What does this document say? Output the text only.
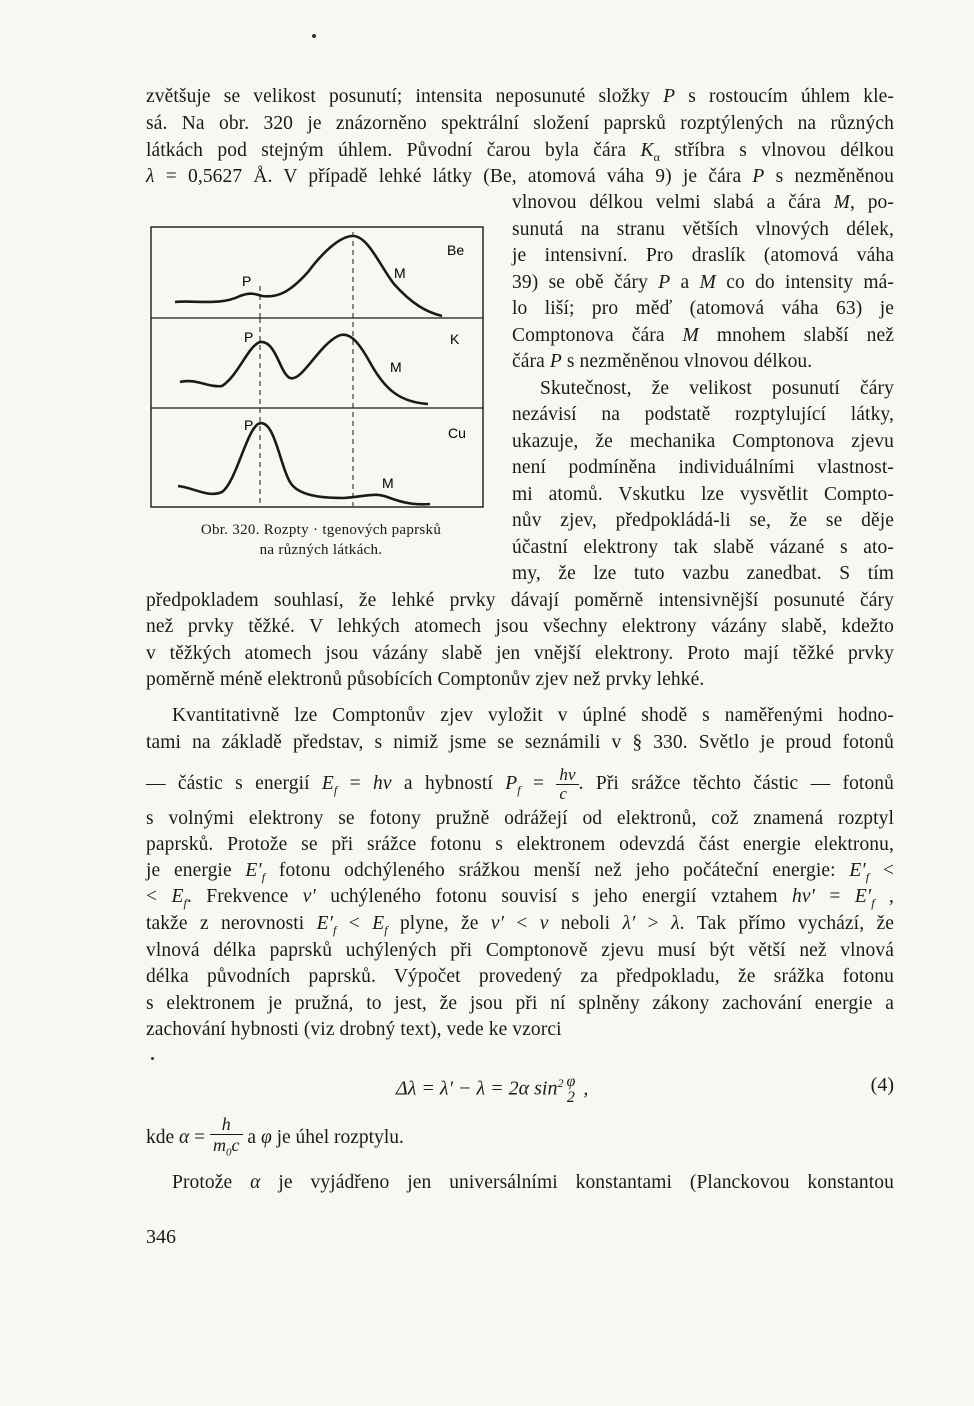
zvětšuje se velikost posunutí; intensita neposunuté složky P s rostoucím úhlem kle-
sá. Na obr. 320 je znázorněno spektrální složení paprsků rozptýlených na různých
látkách pod stejným úhlem. Původní čarou byla čára $K_\alpha$ stříbra s vlnovou délkou
λ = 0,5627 Å. V případě lehké látky (Be, atomová váha 9) je čára P s nezměněnou
vlnovou délkou velmi slabá a čára M, po-
sunutá na stranu větších vlnových délek,
je intensivní. Pro draslík (atomová váha
39) se obě čáry P a M co do intensity má-
lo liší; pro měď (atomová váha 63) je
Comptonova čára M mnohem slabší než
čára P s nezměněnou vlnovou délkou.
Skutečnost, že velikost posunutí čáry
nezávisí na podstatě rozptylující látky,
ukazuje, že mechanika Comptonova zjevu
není podmíněna individuálními vlastnost-
mi atomů. Vskutku lze vysvětlit Compto-
nův zjev, předpokládá-li se, že se děje
účastní elektrony tak slabě vázané s ato-
my, že lze tuto vazbu zanedbat. S tím
předpokladem souhlasí, že lehké prvky dávají poměrně intensivnější posunuté čáry
než prvky těžké. V lehkých atomech jsou všechny elektrony vázány slabě, kdežto
v těžkých atomech jsou vázány slabě jen vnější elektrony. Proto mají těžké prvky
poměrně méně elektronů působících Comptonův zjev než prvky lehké.
P	M
Be
P
M
K
P
M
Cu
Obr. 320. Rozpty · tgenových paprsků
na různých látkách.
Kvantitativně lze Comptonův zjev vyložit v úplné shodě s naměřenými hodno-
tami na základě představ, s nimiž jsme se seznámili v § 330. Světlo je proud fotonů
— částic s energií $E_f = h\nu$ a hybností $P_f = \frac{h\nu}{c}$ . Při srážce těchto částic — fotonů
s volnými elektrony se fotony pružně odrážejí od elektronů, což znamená rozptyl
paprsků. Protože se při srážce fotonu s elektronem odevzdá část energie elektronu,
je energie $E'_f$ fotonu odchýleného srážkou menší než jeho počáteční energie: $E'_f$ <
< $E_f$. Frekvence ν′ uchýleného fotonu souvisí s jeho energií vztahem $h\nu' = E'_f$ ,
takže z nerovnosti $E'_f < E_f$ plyne, že ν′ < ν neboli λ′ > λ. Tak přímo vychází, že
vlnová délka paprsků uchýlených při Comptonově zjevu musí být větší než vlnová
délka původních paprsků. Výpočet provedený za předpokladu, že srážka fotonu
s elektronem je pružná, to jest, že jsou při ní splněny zákony zachování energie a
zachování hybnosti (viz drobný text), vede ke vzorci
Δλ = λ′ − λ = 2α $\sin^2 \varphi$
2 ,	(4)
kde $\alpha = \frac{h}{m_0c}$ a φ je úhel rozptylu.
Protože α je vyjádřeno jen universálními konstantami (Planckovou konstantou
346
